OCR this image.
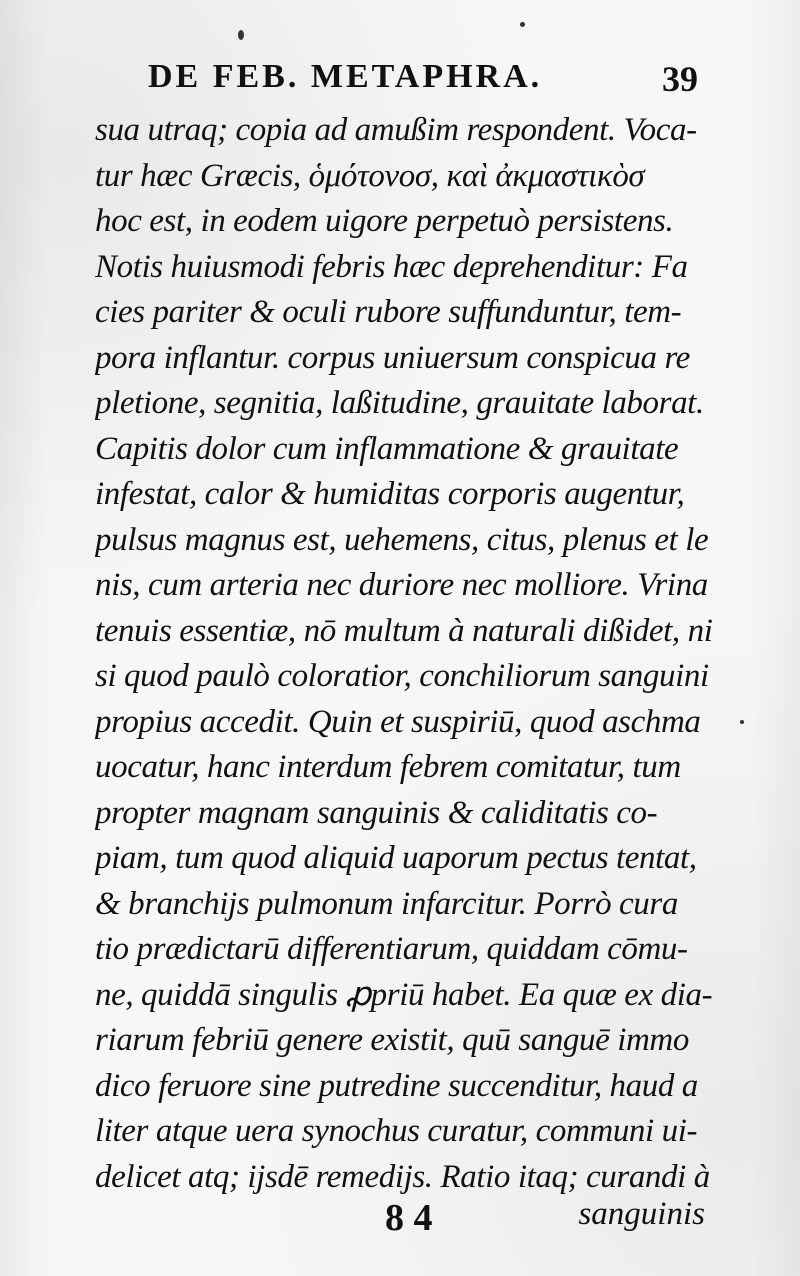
DE FEB. METAPHRA.	39
sua utraq; copia ad amußim respondent. Voca-
tur hæc Græcis, ὁμότονοσ, καὶ ἀκμαστικὸσ
hoc est, in eodem uigore perpetuò persistens.
Notis huiusmodi febris hæc deprehenditur: Fa
cies pariter & oculi rubore suffunduntur, tem-
pora inflantur. corpus uniuersum conspicua re
pletione, segnitia, laßitudine, grauitate laborat.
Capitis dolor cum inflammatione & grauitate
infestat, calor & humiditas corporis augentur,
pulsus magnus est, uehemens, citus, plenus et le
nis, cum arteria nec duriore nec molliore. Vrina
tenuis essentiæ, nō multum à naturali dißidet, ni
si quod paulò coloratior, conchiliorum sanguini
propius accedit. Quin et suspiriū, quod aschma
uocatur, hanc interdum febrem comitatur, tum
propter magnam sanguinis & caliditatis co-
piam, tum quod aliquid uaporum pectus tentat,
& branchijs pulmonum infarcitur. Porrò cura
tio prædictarū differentiarum, quiddam cōmu-
ne, quiddā singulis ꝓpriū habet. Ea quæ ex dia-
riarum febriū genere existit, quū sanguē immo
dico feruore sine putredine succenditur, haud a
liter atque uera synochus curatur, communi ui-
delicet atq; ijsdē remedijs. Ratio itaq; curandi à
8 4	sanguinis
